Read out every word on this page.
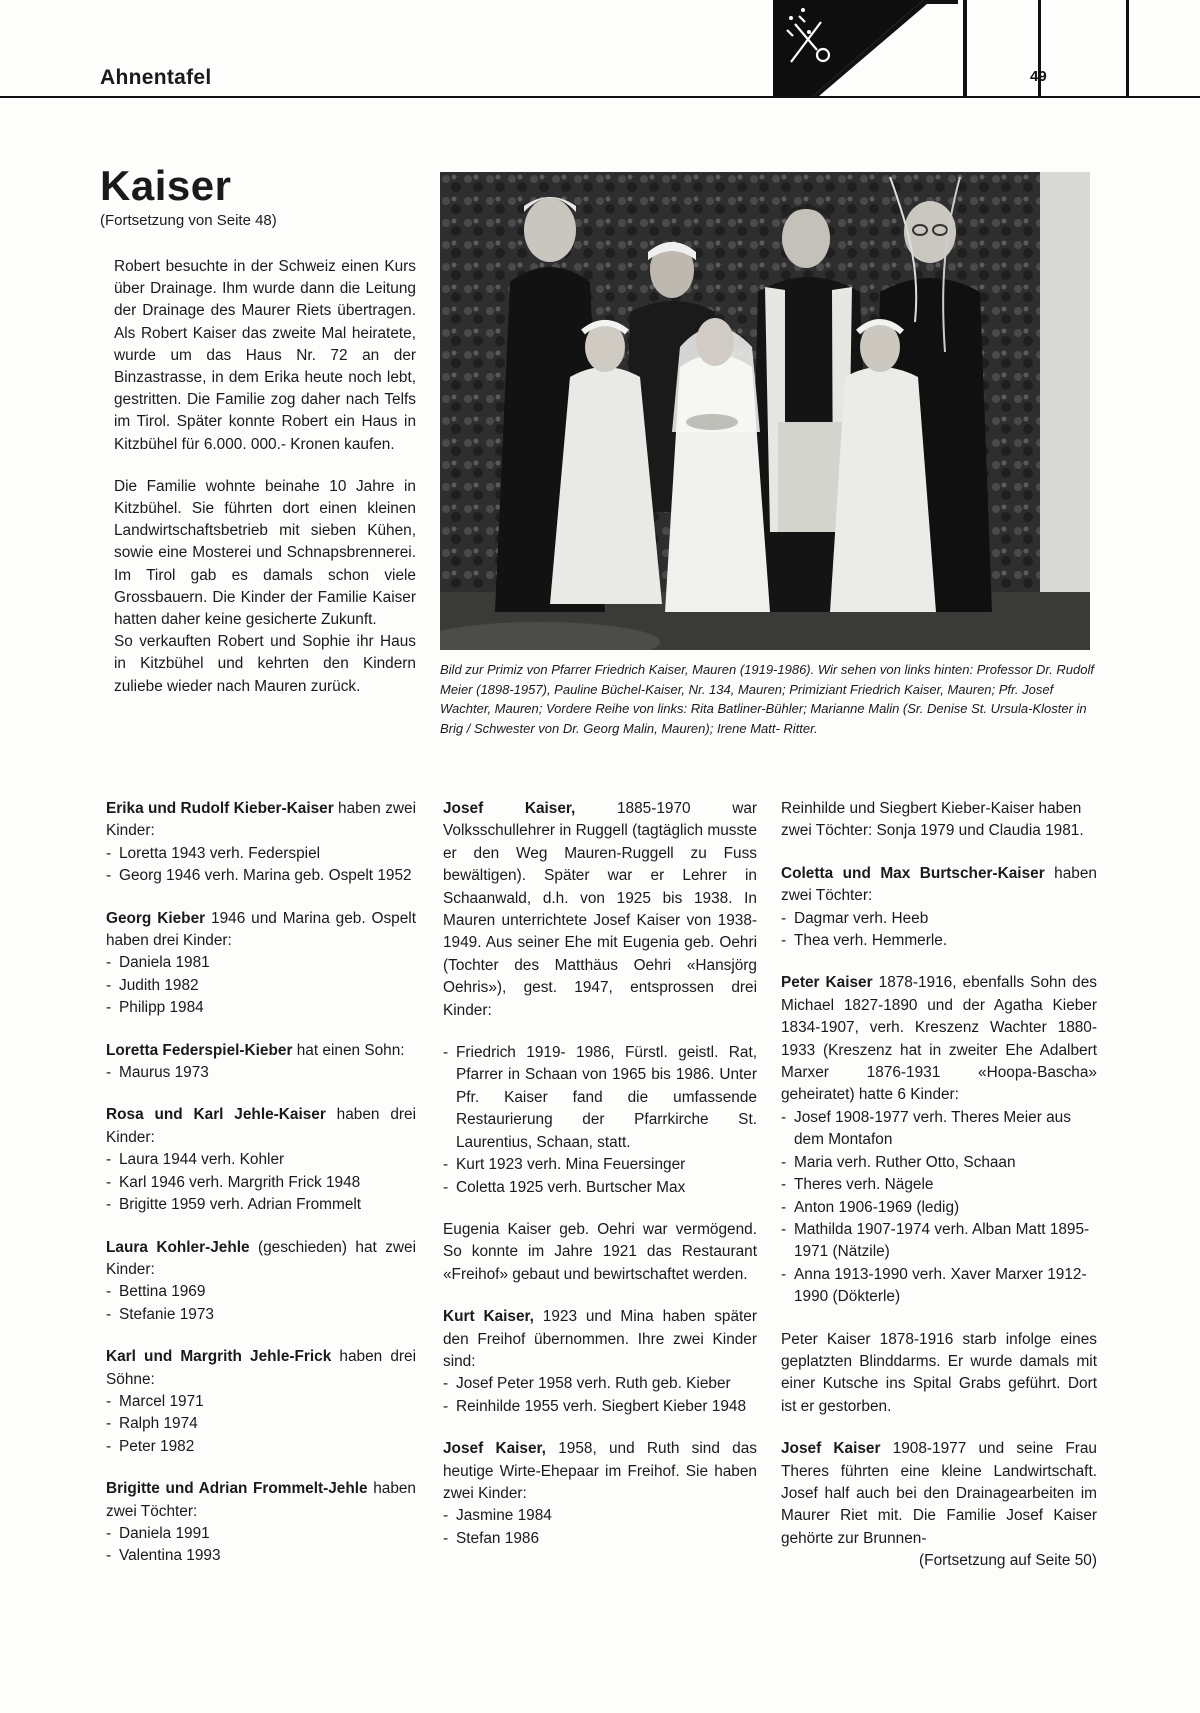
Ahnentafel	49
Kaiser
(Fortsetzung von Seite 48)

Robert besuchte in der Schweiz einen Kurs über Drainage. Ihm wurde dann die Leitung der Drainage des Maurer Riets übertragen. Als Robert Kaiser das zweite Mal heiratete, wurde um das Haus Nr. 72 an der Binzastrasse, in dem Erika heute noch lebt, gestritten. Die Familie zog daher nach Telfs im Tirol. Später konnte Robert ein Haus in Kitzbühel für 6.000. 000.- Kronen kaufen.

Die Familie wohnte beinahe 10 Jahre in Kitzbühel. Sie führten dort einen kleinen Landwirtschaftsbetrieb mit sieben Kühen, sowie eine Mosterei und Schnapsbrennerei. Im Tirol gab es damals schon viele Grossbauern. Die Kinder der Familie Kaiser hatten daher keine gesicherte Zukunft.

So verkauften Robert und Sophie ihr Haus in Kitzbühel und kehrten den Kindern zuliebe wieder nach Mauren zurück.

Bild zur Primiz von Pfarrer Friedrich Kaiser, Mauren (1919-1986). Wir sehen von links hinten: Professor Dr. Rudolf Meier (1898-1957), Pauline Büchel-Kaiser, Nr. 134, Mauren; Primiziant Friedrich Kaiser, Mauren; Pfr. Josef Wachter, Mauren; Vordere Reihe von links: Rita Batliner-Bühler; Marianne Malin (Sr. Denise St. Ursula-Kloster in Brig / Schwester von Dr. Georg Malin, Mauren); Irene Matt- Ritter.

Erika und Rudolf Kieber-Kaiser haben zwei Kinder:

- Loretta 1943 verh. Federspiel
- Georg 1946 verh. Marina geb. Ospelt 1952

Georg Kieber 1946 und Marina geb. Ospelt haben drei Kinder:

- Daniela 1981
- Judith 1982
- Philipp 1984

Loretta Federspiel-Kieber hat einen Sohn:

- Maurus 1973

Rosa und Karl Jehle-Kaiser haben drei Kinder:

- Laura 1944 verh. Kohler
- Karl 1946 verh. Margrith Frick 1948
- Brigitte 1959 verh. Adrian Frommelt

Laura Kohler-Jehle (geschieden) hat zwei Kinder:

- Bettina 1969
- Stefanie 1973

Karl und Margrith Jehle-Frick haben drei Söhne:

- Marcel 1971
- Ralph 1974
- Peter 1982

Brigitte und Adrian Frommelt-Jehle haben zwei Töchter:

- Daniela 1991
- Valentina 1993

Josef Kaiser, 1885-1970 war Volksschullehrer in Ruggell (tagtäglich musste er den Weg Mauren-Ruggell zu Fuss bewältigen). Später war er Lehrer in Schaanwald, d.h. von 1925 bis 1938. In Mauren unterrichtete Josef Kaiser von 1938-1949. Aus seiner Ehe mit Eugenia geb. Oehri (Tochter des Matthäus Oehri «Hansjörg Oehris»), gest. 1947, entsprossen drei Kinder:

- Friedrich 1919- 1986, Fürstl. geistl. Rat, Pfarrer in Schaan von 1965 bis 1986. Unter Pfr. Kaiser fand die umfassende Restaurierung der Pfarrkirche St. Laurentius, Schaan, statt.
- Kurt 1923 verh. Mina Feuersinger
- Coletta 1925 verh. Burtscher Max

Eugenia Kaiser geb. Oehri war vermögend. So konnte im Jahre 1921 das Restaurant «Freihof» gebaut und bewirtschaftet werden.

Kurt Kaiser, 1923 und Mina haben später den Freihof übernommen. Ihre zwei Kinder sind:

- Josef Peter 1958 verh. Ruth geb. Kieber
- Reinhilde 1955 verh. Siegbert Kieber 1948

Josef Kaiser, 1958, und Ruth sind das heutige Wirte-Ehepaar im Freihof. Sie haben zwei Kinder:

- Jasmine 1984
- Stefan 1986

Reinhilde und Siegbert Kieber-Kaiser haben zwei Töchter: Sonja 1979 und Claudia 1981.

Coletta und Max Burtscher-Kaiser haben zwei Töchter:

- Dagmar verh. Heeb
- Thea verh. Hemmerle.

Peter Kaiser 1878-1916, ebenfalls Sohn des Michael 1827-1890 und der Agatha Kieber 1834-1907, verh. Kreszenz Wachter 1880-1933 (Kreszenz hat in zweiter Ehe Adalbert Marxer 1876-1931 «Hoopa-Bascha» geheiratet) hatte 6 Kinder:

- Josef 1908-1977 verh. Theres Meier aus dem Montafon
- Maria verh. Ruther Otto, Schaan
- Theres verh. Nägele
- Anton 1906-1969 (ledig)
- Mathilda 1907-1974 verh. Alban Matt 1895-1971 (Nätzile)
- Anna 1913-1990 verh. Xaver Marxer 1912-1990 (Dökterle)

Peter Kaiser 1878-1916 starb infolge eines geplatzten Blinddarms. Er wurde damals mit einer Kutsche ins Spital Grabs geführt. Dort ist er gestorben.

Josef Kaiser 1908-1977 und seine Frau Theres führten eine kleine Landwirtschaft. Josef half auch bei den Drainagearbeiten im Maurer Riet mit. Die Familie Josef Kaiser gehörte zur Brunnen-

(Fortsetzung auf Seite 50)
